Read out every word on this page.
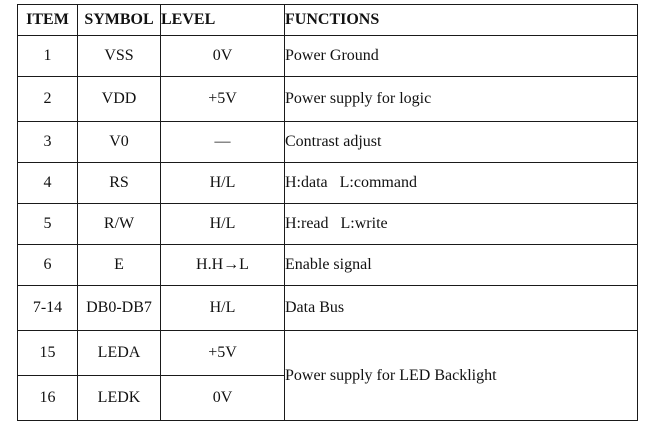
ITEM	SYMBOL	LEVEL	FUNCTIONS
1	VSS	0V	Power Ground
2	VDD	+5V	Power supply for logic
3	V0	—	Contrast adjust
4	RS	H/L	H:data   L:command
5	R/W	H/L	H:read   L:write
6	E	H.H→L	Enable signal
7-14	DB0-DB7	H/L	Data Bus
15	LEDA	+5V	Power supply for LED Backlight
16	LEDK	0V	
